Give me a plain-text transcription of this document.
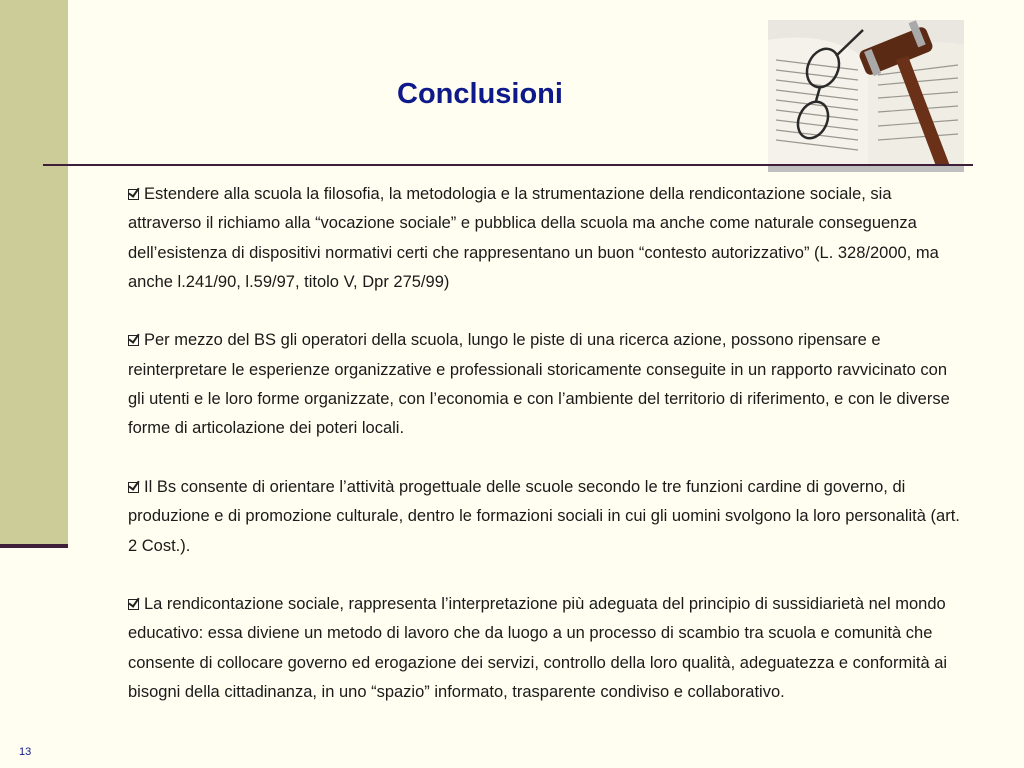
Conclusioni

Estendere alla scuola la filosofia, la metodologia e la strumentazione della rendicontazione sociale, sia attraverso il richiamo alla “vocazione sociale” e pubblica della scuola ma anche come naturale conseguenza dell’esistenza di dispositivi normativi certi che rappresentano un buon “contesto autorizzativo” (L. 328/2000, ma anche l.241/90, l.59/97, titolo V, Dpr 275/99)

Per mezzo del BS gli operatori della scuola, lungo le piste di una ricerca azione, possono ripensare e reinterpretare le esperienze organizzative e professionali storicamente conseguite in un rapporto ravvicinato con gli utenti e le loro forme organizzate, con l’economia e con l’ambiente del territorio di riferimento, e con le diverse forme di articolazione dei poteri locali.

Il Bs consente di orientare l’attività progettuale delle scuole secondo le tre funzioni cardine di governo, di produzione e di promozione culturale, dentro le formazioni sociali in cui gli uomini svolgono la loro personalità (art. 2 Cost.).

La rendicontazione sociale, rappresenta l’interpretazione più adeguata del principio di sussidiarietà nel mondo educativo: essa diviene un metodo di lavoro che da luogo a un processo di scambio tra scuola e comunità che consente di collocare governo ed erogazione dei servizi, controllo della loro qualità, adeguatezza e conformità ai bisogni della cittadinanza, in uno “spazio” informato, trasparente condiviso e collaborativo.

13
